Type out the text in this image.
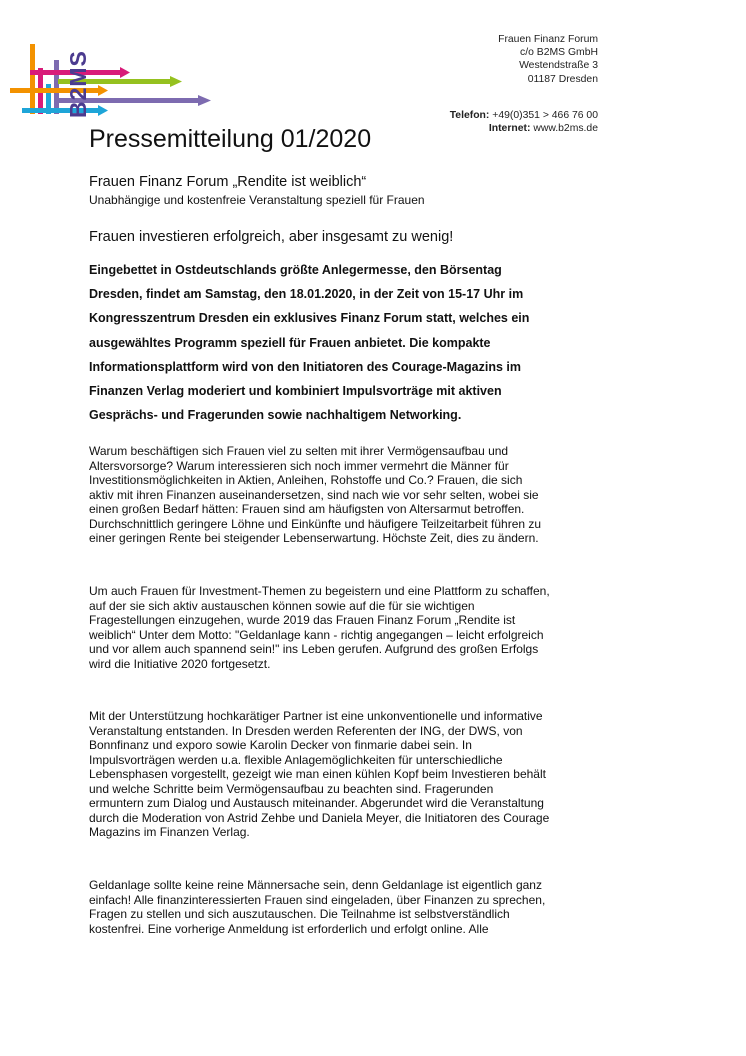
B2MS
Frauen Finanz Forum
c/o B2MS GmbH
Westendstraße 3
01187 Dresden
Telefon: +49(0)351 > 466 76 00
Internet: www.b2ms.de
Pressemitteilung 01/2020
Frauen Finanz Forum „Rendite ist weiblich“
Unabhängige und kostenfreie Veranstaltung speziell für Frauen
Frauen investieren erfolgreich, aber insgesamt zu wenig!
Eingebettet in Ostdeutschlands größte Anlegermesse, den Börsentag
Dresden, findet am Samstag, den 18.01.2020, in der Zeit von 15-17 Uhr im
Kongresszentrum Dresden ein exklusives Finanz Forum statt, welches ein
ausgewähltes Programm speziell für Frauen anbietet. Die kompakte
Informationsplattform wird von den Initiatoren des Courage-Magazins im
Finanzen Verlag moderiert und kombiniert Impulsvorträge mit aktiven
Gesprächs- und Fragerunden sowie nachhaltigem Networking.
Warum beschäftigen sich Frauen viel zu selten mit ihrer Vermögensaufbau und
Altersvorsorge? Warum interessieren sich noch immer vermehrt die Männer für
Investitionsmöglichkeiten in Aktien, Anleihen, Rohstoffe und Co.? Frauen, die sich
aktiv mit ihren Finanzen auseinandersetzen, sind nach wie vor sehr selten, wobei sie
einen großen Bedarf hätten: Frauen sind am häufigsten von Altersarmut betroffen.
Durchschnittlich geringere Löhne und Einkünfte und häufigere Teilzeitarbeit führen zu
einer geringen Rente bei steigender Lebenserwartung. Höchste Zeit, dies zu ändern.
Um auch Frauen für Investment-Themen zu begeistern und eine Plattform zu schaffen,
auf der sie sich aktiv austauschen können sowie auf die für sie wichtigen
Fragestellungen einzugehen, wurde 2019 das Frauen Finanz Forum „Rendite ist
weiblich“ Unter dem Motto: "Geldanlage kann - richtig angegangen – leicht erfolgreich
und vor allem auch spannend sein!" ins Leben gerufen. Aufgrund des großen Erfolgs
wird die Initiative 2020 fortgesetzt.
Mit der Unterstützung hochkarätiger Partner ist eine unkonventionelle und informative
Veranstaltung entstanden. In Dresden werden Referenten der ING, der DWS, von
Bonnfinanz und exporo sowie Karolin Decker von finmarie dabei sein. In
Impulsvorträgen werden u.a. flexible Anlagemöglichkeiten für unterschiedliche
Lebensphasen vorgestellt, gezeigt wie man einen kühlen Kopf beim Investieren behält
und welche Schritte beim Vermögensaufbau zu beachten sind. Fragerunden
ermuntern zum Dialog und Austausch miteinander. Abgerundet wird die Veranstaltung
durch die Moderation von Astrid Zehbe und Daniela Meyer, die Initiatoren des Courage
Magazins im Finanzen Verlag.
Geldanlage sollte keine reine Männersache sein, denn Geldanlage ist eigentlich ganz
einfach! Alle finanzinteressierten Frauen sind eingeladen, über Finanzen zu sprechen,
Fragen zu stellen und sich auszutauschen. Die Teilnahme ist selbstverständlich
kostenfrei. Eine vorherige Anmeldung ist erforderlich und erfolgt online. Alle
